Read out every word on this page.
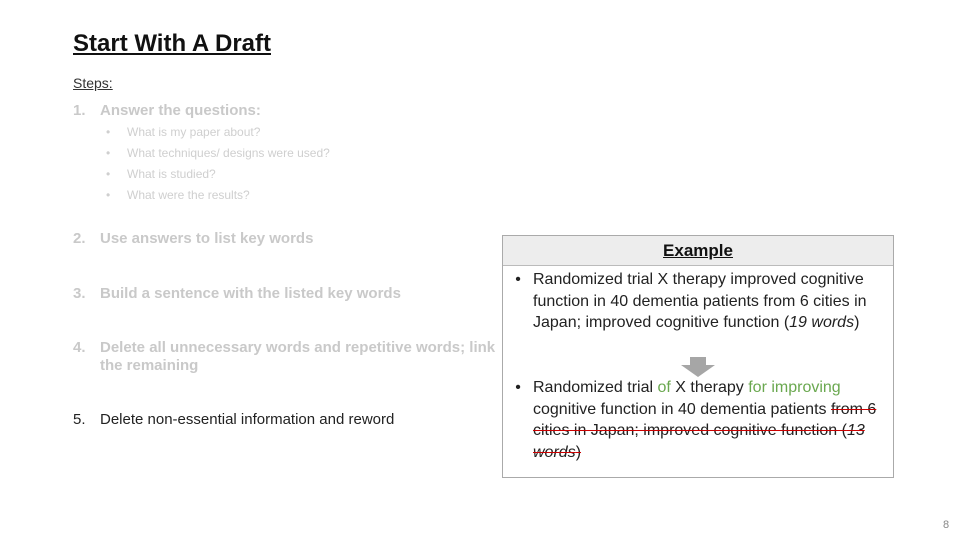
Start With A Draft
Steps:
1. Answer the questions:
•	What is my paper about?
•	What techniques/ designs were used?
•	What is studied?
•	What were the results?
2. Use answers to list key words
3. Build a sentence with the listed key words
4. Delete all unnecessary words and repetitive words; link the remaining
5. Delete non-essential information and reword
Example
• Randomized trial X therapy improved cognitive function in 40 dementia patients from 6 cities in Japan; improved cognitive function (19 words)
• Randomized trial of X therapy for improving cognitive function in 40 dementia patients from 6 cities in Japan; improved cognitive function (13 words)
8
